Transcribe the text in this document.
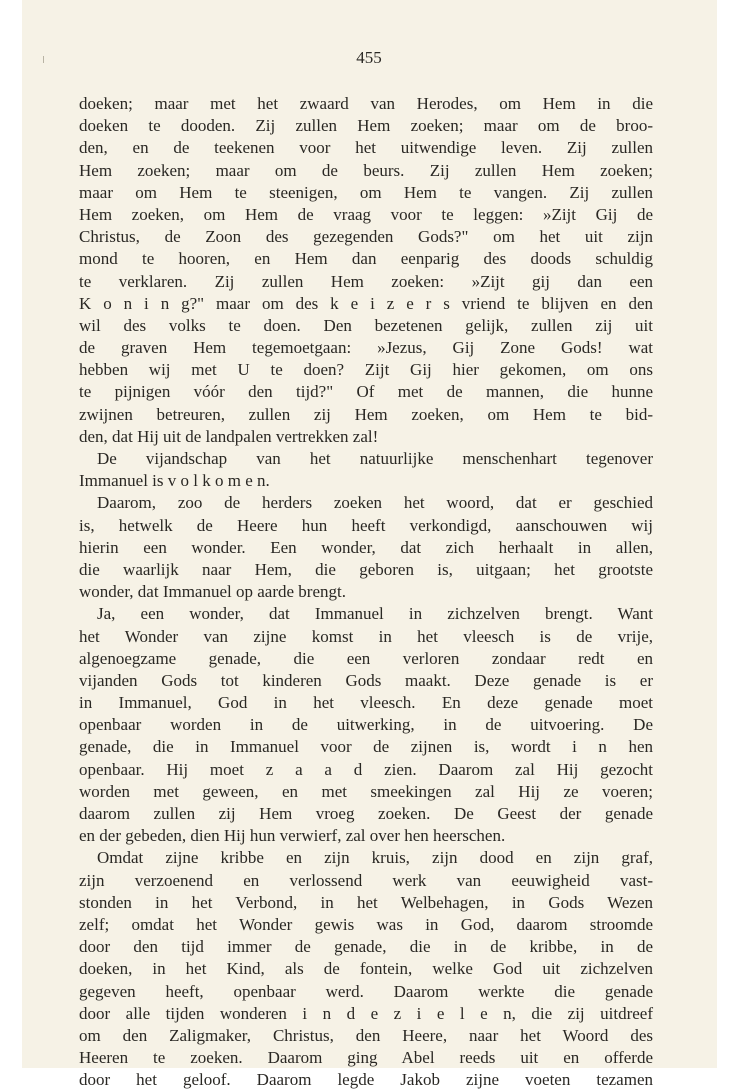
455
doeken; maar met het zwaard van Herodes, om Hem in die
doeken te dooden. Zij zullen Hem zoeken; maar om de broo-
den, en de teekenen voor het uitwendige leven. Zij zullen
Hem zoeken; maar om de beurs. Zij zullen Hem zoeken;
maar om Hem te steenigen, om Hem te vangen. Zij zullen
Hem zoeken, om Hem de vraag voor te leggen: »Zijt Gij de
Christus, de Zoon des gezegenden Gods?" om het uit zijn
mond te hooren, en Hem dan eenparig des doods schuldig
te verklaren. Zij zullen Hem zoeken: »Zijt gij dan een
K o n i n g?" maar om des k e i z e r s vriend te blijven en den
wil des volks te doen. Den bezetenen gelijk, zullen zij uit
de graven Hem tegemoetgaan: »Jezus, Gij Zone Gods! wat
hebben wij met U te doen? Zijt Gij hier gekomen, om ons
te pijnigen vóór den tijd?" Of met de mannen, die hunne
zwijnen betreuren, zullen zij Hem zoeken, om Hem te bid-
den, dat Hij uit de landpalen vertrekken zal!
De vijandschap van het natuurlijke menschenhart tegenover
Immanuel is v o l k o m e n.
Daarom, zoo de herders zoeken het woord, dat er geschied
is, hetwelk de Heere hun heeft verkondigd, aanschouwen wij
hierin een wonder. Een wonder, dat zich herhaalt in allen,
die waarlijk naar Hem, die geboren is, uitgaan; het grootste
wonder, dat Immanuel op aarde brengt.
Ja, een wonder, dat Immanuel in zichzelven brengt. Want
het Wonder van zijne komst in het vleesch is de vrije,
algenoegzame genade, die een verloren zondaar redt en
vijanden Gods tot kinderen Gods maakt. Deze genade is er
in Immanuel, God in het vleesch. En deze genade moet
openbaar worden in de uitwerking, in de uitvoering. De
genade, die in Immanuel voor de zijnen is, wordt i n hen
openbaar. Hij moet z a a d zien. Daarom zal Hij gezocht
worden met geween, en met smeekingen zal Hij ze voeren;
daarom zullen zij Hem vroeg zoeken. De Geest der genade
en der gebeden, dien Hij hun verwierf, zal over hen heerschen.
Omdat zijne kribbe en zijn kruis, zijn dood en zijn graf,
zijn verzoenend en verlossend werk van eeuwigheid vast-
stonden in het Verbond, in het Welbehagen, in Gods Wezen
zelf; omdat het Wonder gewis was in God, daarom stroomde
door den tijd immer de genade, die in de kribbe, in de
doeken, in het Kind, als de fontein, welke God uit zichzelven
gegeven heeft, openbaar werd. Daarom werkte die genade
door alle tijden wonderen i n d e z i e l e n, die zij uitdreef
om den Zaligmaker, Christus, den Heere, naar het Woord des
Heeren te zoeken. Daarom ging Abel reeds uit en offerde
door het geloof. Daarom legde Jakob zijne voeten tezamen
